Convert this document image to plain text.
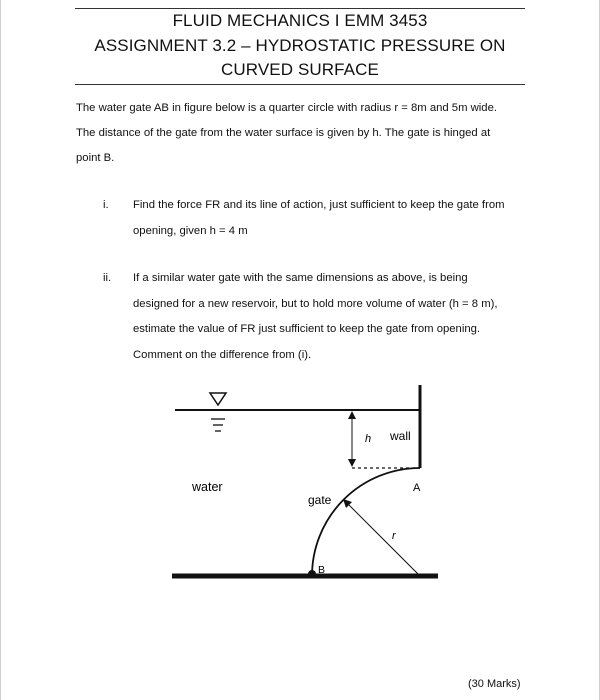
FLUID MECHANICS I EMM 3453
ASSIGNMENT 3.2 – HYDROSTATIC PRESSURE ON
CURVED SURFACE
The water gate AB in figure below is a quarter circle with radius r = 8m and 5m wide.
The distance of the gate from the water surface is given by h. The gate is hinged at
point B.
i. Find the force FR and its line of action, just sufficient to keep the gate from
opening, given h = 4 m
ii. If a similar water gate with the same dimensions as above, is being
designed for a new reservoir, but to hold more volume of water (h = 8 m),
estimate the value of FR just sufficient to keep the gate from opening.
Comment on the difference from (i).
h wall
A
water
gate
r
B
(30 Marks)
